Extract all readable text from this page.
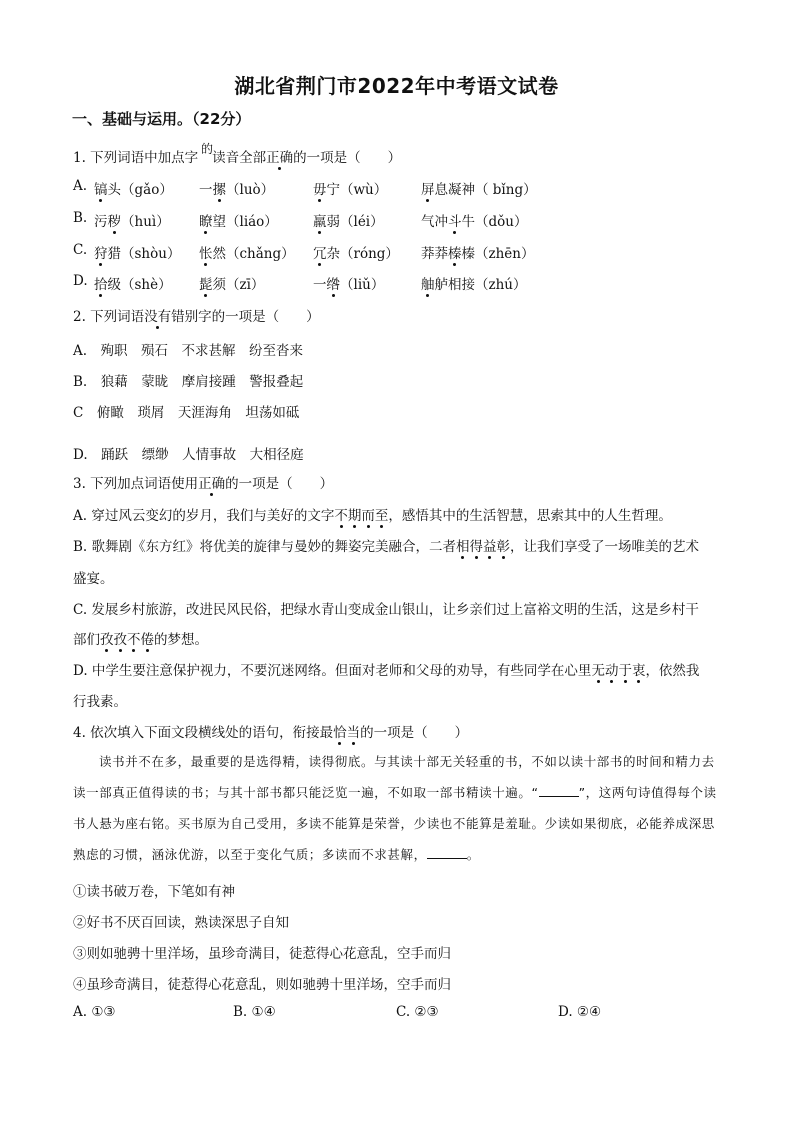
湖北省荆门市2022年中考语文试卷
一、基础与运用。（22分）
1. 下列词语中加点字 读音全部正确的一项是（　　）
的
A. 镐头（gǎo） 一摞（luò）	毋宁（wù）	屏息凝神（ bǐng）
B. 污秽（huì） 瞭望（liáo）	羸弱（léi）	气冲斗牛（dǒu）
C. 狩猎（shòu） 怅然（chǎng） 冗杂（róng） 莽莽榛榛（zhēn）
D. 拾级（shè） 髭须（zī）	一绺（liǔ）	舳舻相接（zhú）
2. 下列词语没有错别字的一项是（　　）
A.　 殉职　殒石　不求甚解　纷至沓来
B.　 狼藉　蒙眬　摩肩接踵　警报叠起
C　 俯瞰　琐屑　天涯海角　坦荡如砥
D.　 踊跃　缥缈　人情事故　大相径庭
3. 下列加点词语使用正确的一项是（　　）
A. 穿过风云变幻的岁月，我们与美好的文字不期而至，感悟其中的生活智慧，思索其中的人生哲理。
B. 歌舞剧《东方红》将优美的旋律与曼妙的舞姿完美融合，二者相得益彰，让我们享受了一场唯美的艺术
盛宴。
C. 发展乡村旅游，改进民风民俗，把绿水青山变成金山银山，让乡亲们过上富裕文明的生活，这是乡村干
部们孜孜不倦的梦想。
D. 中学生要注意保护视力，不要沉迷网络。但面对老师和父母的劝导，有些同学在心里无动于衷，依然我
行我素。
4. 依次填入下面文段横线处的语句，衔接最恰当的一项是（　　）
读书并不在多，最重要的是选得精，读得彻底。与其读十部无关轻重的书，不如以读十部书的时间和精力去读一部真正值得读的书；与其十部书都只能泛览一遍，不如取一部书精读十遍。“	”，这两句诗值得每个读书人悬为座右铭。买书原为自己受用，多读不能算是荣誉，少读也不能算是羞耻。少读如果彻底，必能养成深思熟虑的习惯，涵泳优游，以至于变化气质；多读而不求甚解，	。
①读书破万卷，下笔如有神
②好书不厌百回读，熟读深思子自知
③则如驰骋十里洋场，虽珍奇满目，徒惹得心花意乱，空手而归
④虽珍奇满目，徒惹得心花意乱，则如驰骋十里洋场，空手而归
A. ①③	B. ①④	C. ②③	D. ②④
